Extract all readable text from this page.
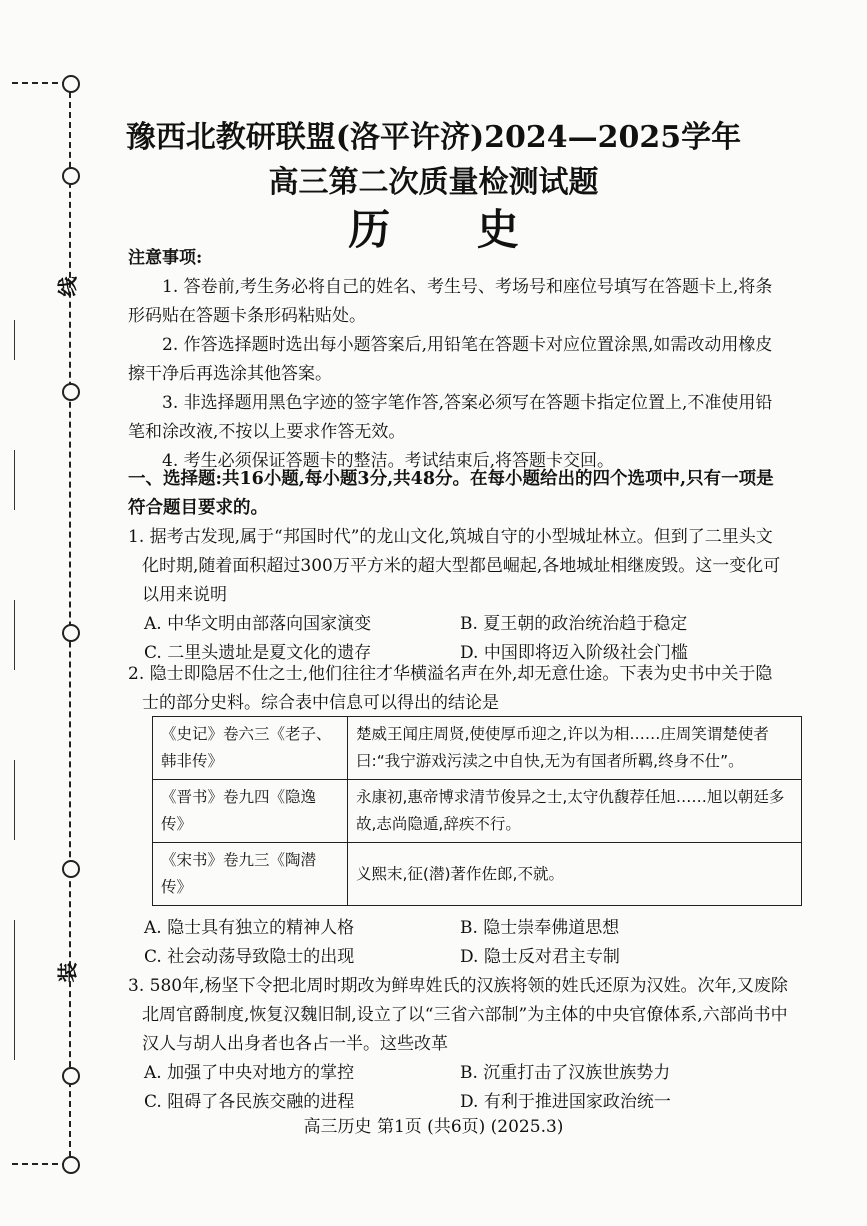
线
装
豫西北教研联盟(洛平许济)2024—2025学年
高三第二次质量检测试题
历 史
注意事项:

1. 答卷前,考生务必将自己的姓名、考生号、考场号和座位号填写在答题卡上,将条形码贴在答题卡条形码粘贴处。

2. 作答选择题时选出每小题答案后,用铅笔在答题卡对应位置涂黑,如需改动用橡皮擦干净后再选涂其他答案。

3. 非选择题用黑色字迹的签字笔作答,答案必须写在答题卡指定位置上,不准使用铅笔和涂改液,不按以上要求作答无效。

4. 考生必须保证答题卡的整洁。考试结束后,将答题卡交回。

一、选择题:共16小题,每小题3分,共48分。在每小题给出的四个选项中,只有一项是符合题目要求的。

1. 据考古发现,属于“邦国时代”的龙山文化,筑城自守的小型城址林立。但到了二里头文化时期,随着面积超过300万平方米的超大型都邑崛起,各地城址相继废毁。这一变化可以用来说明

A. 中华文明由部落向国家演变	B. 夏王朝的政治统治趋于稳定
C. 二里头遗址是夏文化的遗存	D. 中国即将迈入阶级社会门槛

2. 隐士即隐居不仕之士,他们往往才华横溢名声在外,却无意仕途。下表为史书中关于隐士的部分史料。综合表中信息可以得出的结论是

《史记》卷六三《老子、韩非传》	楚威王闻庄周贤,使使厚币迎之,许以为相……庄周笑谓楚使者曰:“我宁游戏污渎之中自快,无为有国者所羁,终身不仕”。
《晋书》卷九四《隐逸传》	永康初,惠帝博求清节俊异之士,太守仇馥荐任旭……旭以朝廷多故,志尚隐遁,辞疾不行。
《宋书》卷九三《陶潜传》	义熙末,征(潜)著作佐郎,不就。
A. 隐士具有独立的精神人格	B. 隐士崇奉佛道思想
C. 社会动荡导致隐士的出现	D. 隐士反对君主专制

3. 580年,杨坚下令把北周时期改为鲜卑姓氏的汉族将领的姓氏还原为汉姓。次年,又废除北周官爵制度,恢复汉魏旧制,设立了以“三省六部制”为主体的中央官僚体系,六部尚书中汉人与胡人出身者也各占一半。这些改革

A. 加强了中央对地方的掌控	B. 沉重打击了汉族世族势力
C. 阻碍了各民族交融的进程	D. 有利于推进国家政治统一
高三历史 第1页 (共6页) (2025.3)
